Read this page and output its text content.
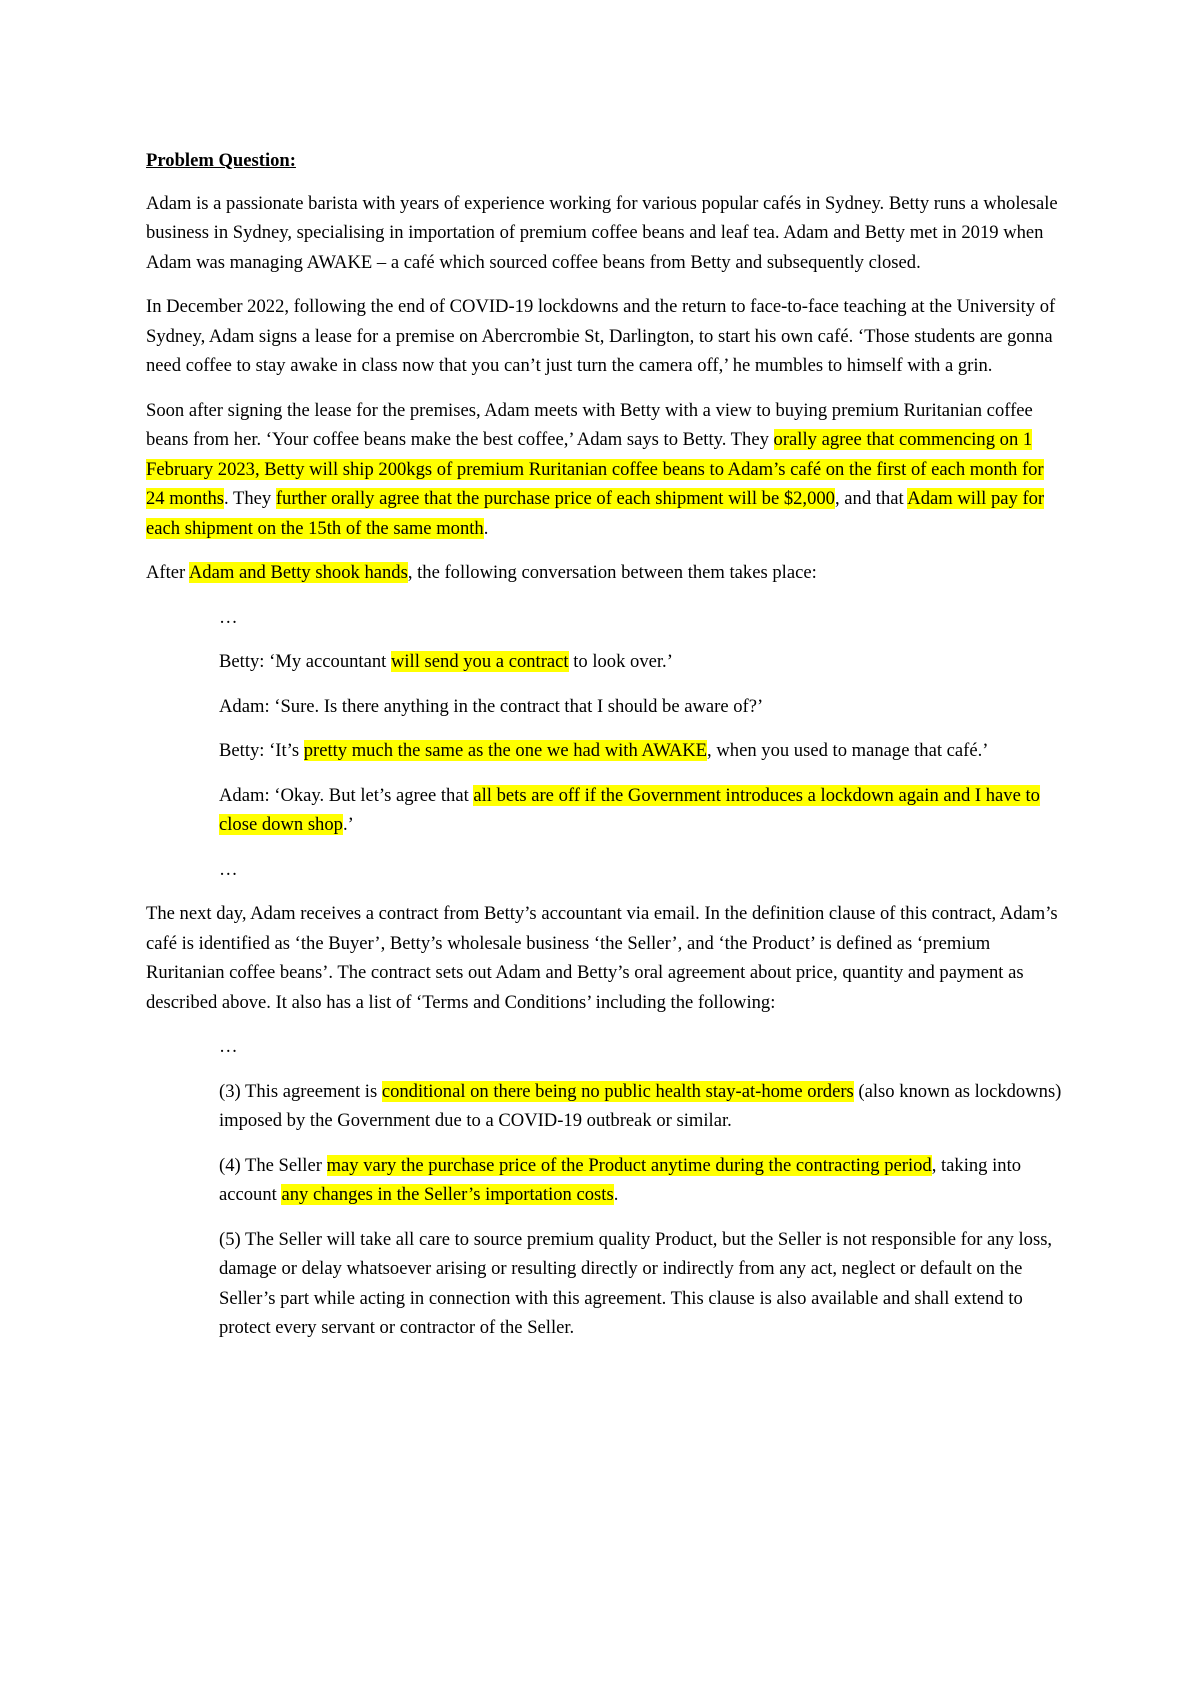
Problem Question:

Adam is a passionate barista with years of experience working for various popular cafés in Sydney. Betty runs a wholesale business in Sydney, specialising in importation of premium coffee beans and leaf tea. Adam and Betty met in 2019 when Adam was managing AWAKE – a café which sourced coffee beans from Betty and subsequently closed.

In December 2022, following the end of COVID-19 lockdowns and the return to face-to-face teaching at the University of Sydney, Adam signs a lease for a premise on Abercrombie St, Darlington, to start his own café. ‘Those students are gonna need coffee to stay awake in class now that you can’t just turn the camera off,’ he mumbles to himself with a grin.

Soon after signing the lease for the premises, Adam meets with Betty with a view to buying premium Ruritanian coffee beans from her. ‘Your coffee beans make the best coffee,’ Adam says to Betty. They orally agree that commencing on 1 February 2023, Betty will ship 200kgs of premium Ruritanian coffee beans to Adam’s café on the first of each month for 24 months. They further orally agree that the purchase price of each shipment will be $2,000, and that Adam will pay for each shipment on the 15th of the same month.

After Adam and Betty shook hands, the following conversation between them takes place:

…

Betty: ‘My accountant will send you a contract to look over.’

Adam: ‘Sure. Is there anything in the contract that I should be aware of?’

Betty: ‘It’s pretty much the same as the one we had with AWAKE, when you used to manage that café.’

Adam: ‘Okay. But let’s agree that all bets are off if the Government introduces a lockdown again and I have to close down shop.’

…

The next day, Adam receives a contract from Betty’s accountant via email. In the definition clause of this contract, Adam’s café is identified as ‘the Buyer’, Betty’s wholesale business ‘the Seller’, and ‘the Product’ is defined as ‘premium Ruritanian coffee beans’. The contract sets out Adam and Betty’s oral agreement about price, quantity and payment as described above. It also has a list of ‘Terms and Conditions’ including the following:

…

(3) This agreement is conditional on there being no public health stay-at-home orders (also known as lockdowns) imposed by the Government due to a COVID-19 outbreak or similar.

(4) The Seller may vary the purchase price of the Product anytime during the contracting period, taking into account any changes in the Seller’s importation costs.

(5) The Seller will take all care to source premium quality Product, but the Seller is not responsible for any loss, damage or delay whatsoever arising or resulting directly or indirectly from any act, neglect or default on the Seller’s part while acting in connection with this agreement. This clause is also available and shall extend to protect every servant or contractor of the Seller.
